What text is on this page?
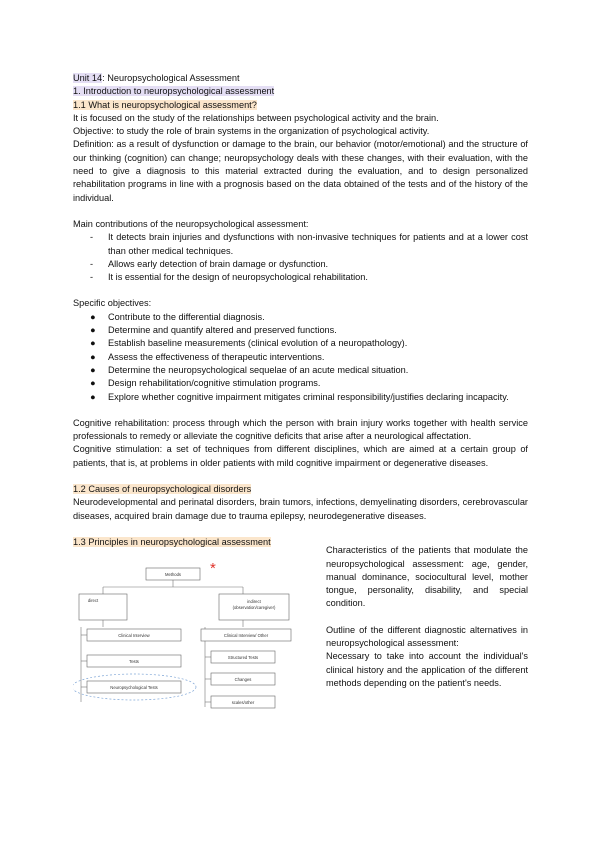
Unit 14: Neuropsychological Assessment
1. Introduction to neuropsychological assessment
1.1 What is neuropsychological assessment?
It is focused on the study of the relationships between psychological activity and the brain.
Objective: to study the role of brain systems in the organization of psychological activity.
Definition: as a result of dysfunction or damage to the brain, our behavior (motor/emotional) and the structure of our thinking (cognition) can change; neuropsychology deals with these changes, with their evaluation, with the need to give a diagnosis to this material extracted during the evaluation, and to design personalized rehabilitation programs in line with a prognosis based on the data obtained of the tests and of the history of the individual.
Main contributions of the neuropsychological assessment:
- It detects brain injuries and dysfunctions with non-invasive techniques for patients and at a lower cost than other medical techniques.
- Allows early detection of brain damage or dysfunction.
- It is essential for the design of neuropsychological rehabilitation.
Specific objectives:
● Contribute to the differential diagnosis.
● Determine and quantify altered and preserved functions.
● Establish baseline measurements (clinical evolution of a neuropathology).
● Assess the effectiveness of therapeutic interventions.
● Determine the neuropsychological sequelae of an acute medical situation.
● Design rehabilitation/cognitive stimulation programs.
● Explore whether cognitive impairment mitigates criminal responsibility/justifies declaring incapacity.
Cognitive rehabilitation: process through which the person with brain injury works together with health service professionals to remedy or alleviate the cognitive deficits that arise after a neurological affectation.
Cognitive stimulation: a set of techniques from different disciplines, which are aimed at a certain group of patients, that is, at problems in older patients with mild cognitive impairment or degenerative diseases.
1.2 Causes of neuropsychological disorders
Neurodevelopmental and perinatal disorders, brain tumors, infections, demyelinating disorders, cerebrovascular diseases, acquired brain damage due to trauma epilepsy, neurodegenerative diseases.
1.3 Principles in neuropsychological assessment
*
Methods
direct	indirect
(observation/caregiver)
Clinical Interview
Tests
Neuropsychological Tests
Clinical Interview/ Other
Structured Tests
Changes
scales/other
Characteristics of the patients that modulate the neuropsychological assessment: age, gender, manual dominance, sociocultural level, mother tongue, personality, disability, and special condition.
Outline of the different diagnostic alternatives in neuropsychological assessment:
Necessary to take into account the individual's clinical history and the application of the different methods depending on the patient's needs.
